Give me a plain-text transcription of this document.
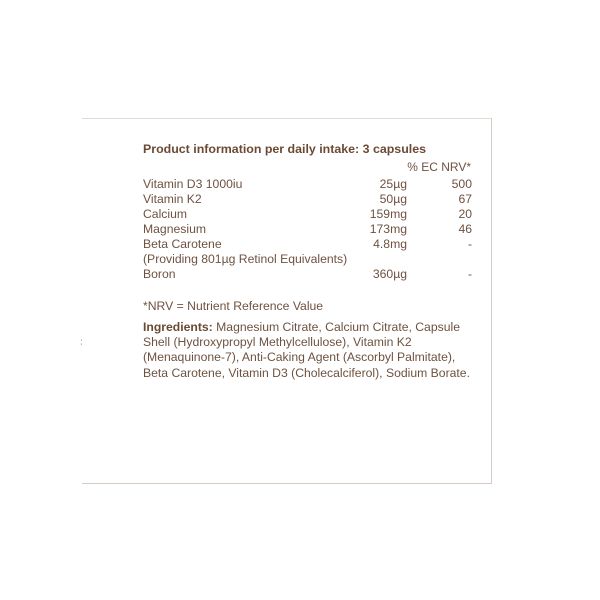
∶

Product information per daily intake: 3 capsules

% EC NRV*
Vitamin D3 1000iu	25µg	500
Vitamin K2	50µg	67
Calcium	159mg	20
Magnesium	173mg	46
Beta Carotene	4.8mg	-
(Providing 801µg Retinol Equivalents)
Boron	360µg	-
*NRV = Nutrient Reference Value
Ingredients: Magnesium Citrate, Calcium Citrate, Capsule Shell (Hydroxypropyl Methylcellulose), Vitamin K2 (Menaquinone-7), Anti-Caking Agent (Ascorbyl Palmitate), Beta Carotene, Vitamin D3 (Cholecalciferol), Sodium Borate.
